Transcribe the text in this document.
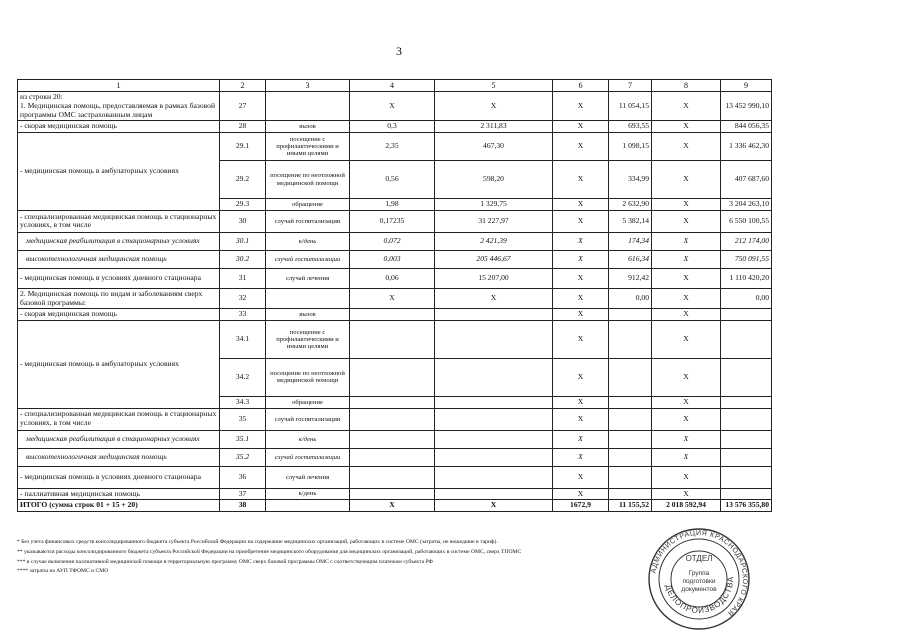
3
1	2	3	4	5	6	7	8	9	
из строки 20:
1. Медицинская помощь, предоставляемая в рамках базовой программы ОМС застрахованным лицам	27		Х	Х	Х	11 054,15	Х	13 452 990,10	
- скорая медицинская помощь	28	вызов	0,3	2 311,83	Х	693,55	Х	844 056,35	
- медицинская помощь в амбулаторных условиях	29.1	посещение с профилактическими и иными целями	2,35	467,30	Х	1 098,15	Х	1 336 462,30	
	29.2	посещение по неотложной медицинской помощи	0,56	598,20	Х	334,99	Х	407 687,60	
	29.3	обращение	1,98	1 329,75	Х	2 632,90	Х	3 204 263,10	
- специализированная медицинская помощь в стационарных условиях, в том числе	30	случай госпитализации	0,17235	31 227,97	Х	5 382,14	Х	6 550 100,55	
медицинская реабилитация в стационарных условиях	30.1	к/день	0,072	2 421,39	Х	174,34	Х	212 174,00	
высокотехнологичная медицинская помощь	30.2	случай госпитализации	0,003	205 446,67	Х	616,34	Х	750 091,55	
- медицинская помощь в условиях дневного стационара	31	случай лечения	0,06	15 207,00	Х	912,42	Х	1 110 420,20	
2. Медицинская помощь по видам и заболеваниям сверх базовой программы:	32		Х	Х	Х	0,00	Х	0,00	
- скорая медицинская помощь	33	вызов			Х		Х		
- медицинская помощь в амбулаторных условиях	34.1	посещение с профилактическими и иными целями			Х		Х		
	34.2	посещение по неотложной медицинской помощи			Х		Х		
	34.3	обращение			Х		Х		
- специализированная медицинская помощь в стационарных условиях, в том числе	35	случай госпитализации			Х		Х		
медицинская реабилитация в стационарных условиях	35.1	к/день			Х		Х		
высокотехнологичная медицинская помощь	35.2	случай госпитализации			Х		Х		
- медицинская помощь в условиях дневного стационара	36	случай лечения			Х		Х		
- паллиативная медицинская помощь	37	к/день			Х		Х		
ИТОГО (сумма строк 01 + 15 + 20)	38		Х	Х	1672,9	11 155,52	2 018 592,94	13 576 355,80	
* Без учета финансовых средств консолидированного бюджета субъекта Российской Федерации на содержание медицинских организаций, работающих в системе ОМС (затраты, не вошедшие в тариф).
** указываются расходы консолидированного бюджета субъекта Российской Федерации на приобретение медицинского оборудования для медицинских организаций, работающих в системе ОМС, сверх ТПОМС
*** в случае включения паллиативной медицинской помощи в территориальную программу ОМС сверх базовой программы ОМС с соответствующим платежом субъекта РФ
**** затраты на АУП ТФОМС и СМО	АДМИНИСТРАЦИЯ КРАСНОДАРСКОГО КРАЯ
ДЕЛОПРОИЗВОДСТВА
ОТДЕЛ
Группа
подготовки
документов
